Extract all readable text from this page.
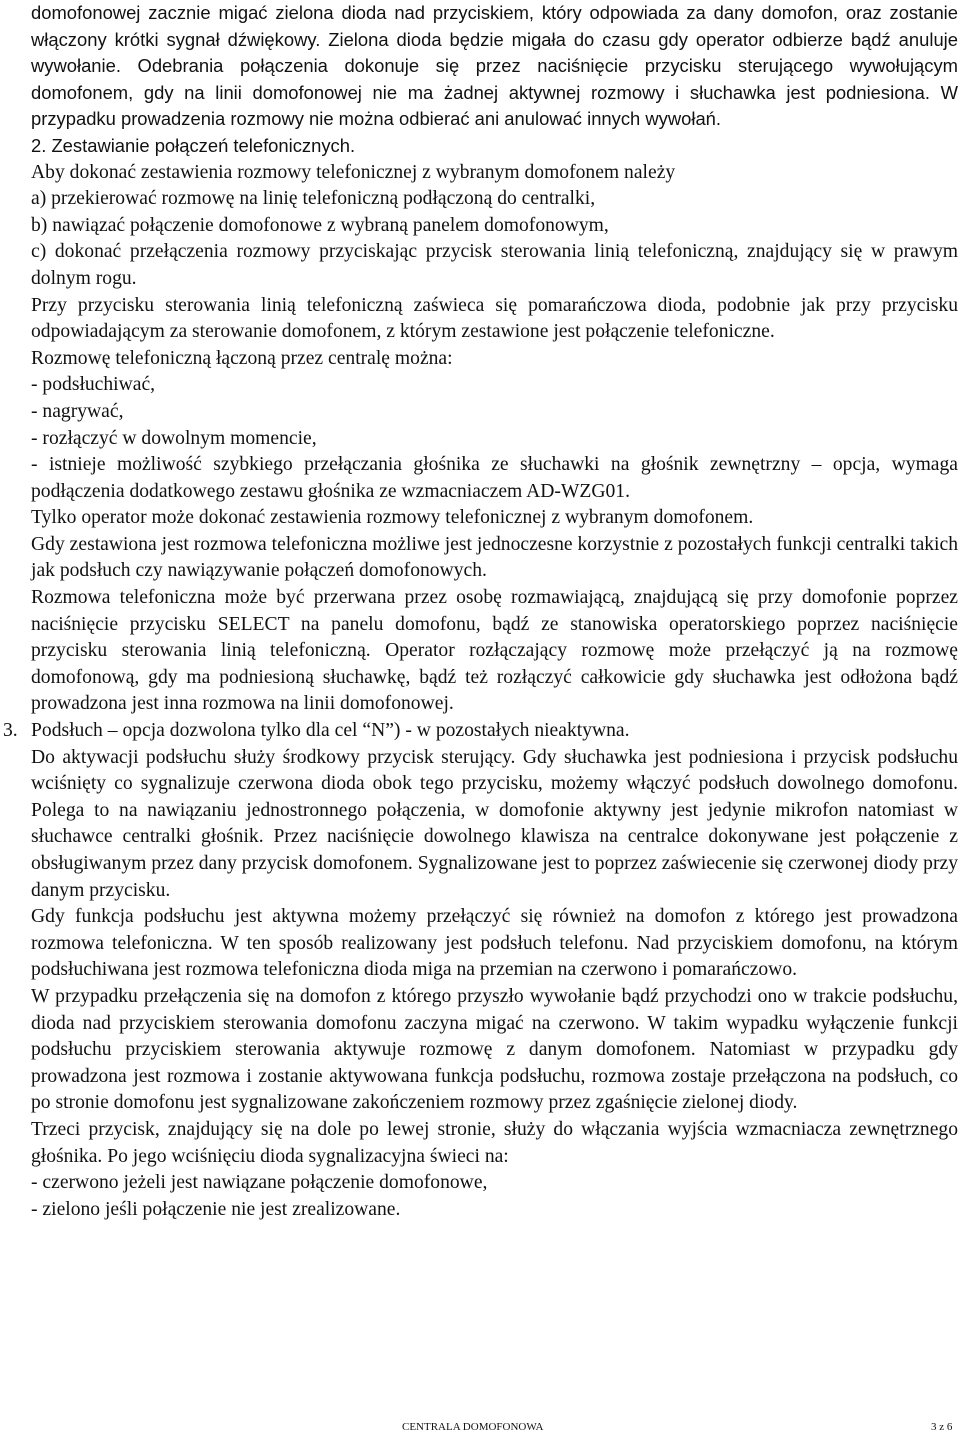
domofonowej zacznie migać zielona dioda nad przyciskiem, który odpowiada za dany domofon, oraz zostanie włączony krótki sygnał dźwiękowy. Zielona dioda będzie migała do czasu gdy operator odbierze bądź anuluje wywołanie. Odebrania połączenia dokonuje się przez naciśnięcie przycisku sterującego wywołującym domofonem, gdy na linii domofonowej nie ma żadnej aktywnej rozmowy i słuchawka jest podniesiona. W przypadku prowadzenia rozmowy nie można odbierać ani anulować innych wywołań.

2. Zestawianie połączeń telefonicznych.

Aby dokonać zestawienia rozmowy telefonicznej z wybranym domofonem należy

a) przekierować rozmowę na linię telefoniczną podłączoną do centralki,

b) nawiązać połączenie domofonowe z wybraną panelem domofonowym,

c) dokonać przełączenia rozmowy przyciskając przycisk sterowania linią telefoniczną, znajdujący się w prawym dolnym rogu.

Przy przycisku sterowania linią telefoniczną zaświeca się pomarańczowa dioda, podobnie jak przy przycisku odpowiadającym za sterowanie domofonem, z którym zestawione jest połączenie telefoniczne.

Rozmowę telefoniczną łączoną przez centralę można:

- podsłuchiwać,

- nagrywać,

- rozłączyć w dowolnym momencie,

- istnieje możliwość szybkiego przełączania głośnika ze słuchawki na głośnik zewnętrzny – opcja, wymaga podłączenia dodatkowego zestawu głośnika ze wzmacniaczem AD-WZG01.

Tylko operator może dokonać zestawienia rozmowy telefonicznej z wybranym domofonem.

Gdy zestawiona jest rozmowa telefoniczna możliwe jest jednoczesne korzystnie z pozostałych funkcji centralki takich jak podsłuch czy nawiązywanie połączeń domofonowych.

Rozmowa telefoniczna może być przerwana przez osobę rozmawiającą, znajdującą się przy domofonie poprzez naciśnięcie przycisku SELECT na panelu domofonu, bądź ze stanowiska operatorskiego poprzez naciśnięcie przycisku sterowania linią telefoniczną. Operator rozłączający rozmowę może przełączyć ją na rozmowę domofonową, gdy ma podniesioną słuchawkę, bądź też rozłączyć całkowicie gdy słuchawka jest odłożona bądź prowadzona jest inna rozmowa na linii domofonowej.

3. Podsłuch – opcja dozwolona tylko dla cel “N”) - w pozostałych nieaktywna.

Do aktywacji podsłuchu służy środkowy przycisk sterujący. Gdy słuchawka jest podniesiona i przycisk podsłuchu wciśnięty co sygnalizuje czerwona dioda obok tego przycisku, możemy włączyć podsłuch dowolnego domofonu. Polega to na nawiązaniu jednostronnego połączenia, w domofonie aktywny jest jedynie mikrofon natomiast w słuchawce centralki głośnik. Przez naciśnięcie dowolnego klawisza na centralce dokonywane jest połączenie z obsługiwanym przez dany przycisk domofonem. Sygnalizowane jest to poprzez zaświecenie się czerwonej diody przy danym przycisku.

Gdy funkcja podsłuchu jest aktywna możemy przełączyć się również na domofon z którego jest prowadzona rozmowa telefoniczna. W ten sposób realizowany jest podsłuch telefonu. Nad przyciskiem domofonu, na którym podsłuchiwana jest rozmowa telefoniczna dioda miga na przemian na czerwono i pomarańczowo.

W przypadku przełączenia się na domofon z którego przyszło wywołanie bądź przychodzi ono w trakcie podsłuchu, dioda nad przyciskiem sterowania domofonu zaczyna migać na czerwono. W takim wypadku wyłączenie funkcji podsłuchu przyciskiem sterowania aktywuje rozmowę z danym domofonem. Natomiast w przypadku gdy prowadzona jest rozmowa i zostanie aktywowana funkcja podsłuchu, rozmowa zostaje przełączona na podsłuch, co po stronie domofonu jest sygnalizowane zakończeniem rozmowy przez zgaśnięcie zielonej diody.

Trzeci przycisk, znajdujący się na dole po lewej stronie, służy do włączania wyjścia wzmacniacza zewnętrznego głośnika. Po jego wciśnięciu dioda sygnalizacyjna świeci na:

- czerwono jeżeli jest nawiązane połączenie domofonowe,

- zielono jeśli połączenie nie jest zrealizowane.

CENTRALA DOMOFONOWA	3 z 6
